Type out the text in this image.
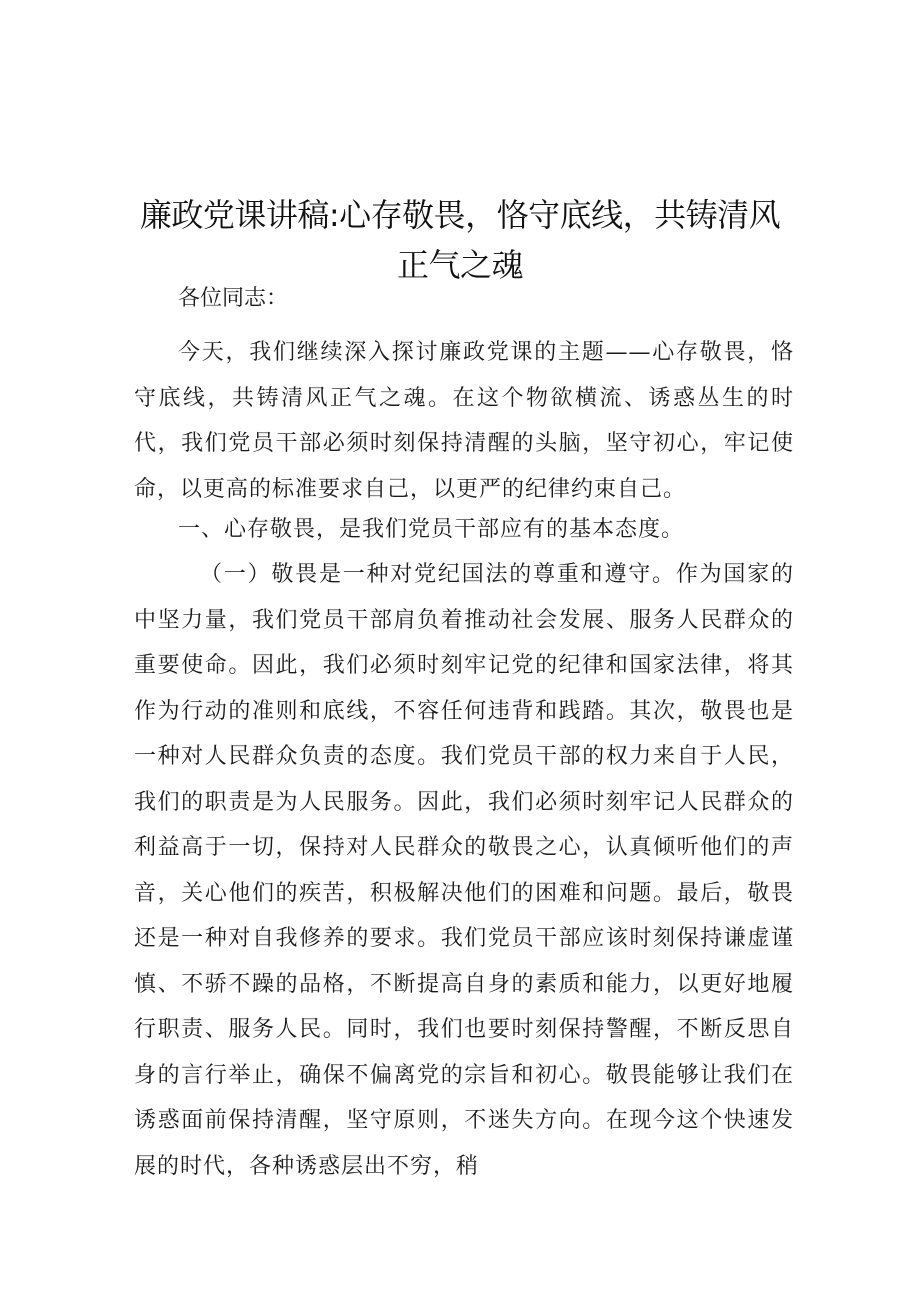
廉政党课讲稿:心存敬畏，恪守底线，共铸清风
正气之魂

各位同志：

今天，我们继续深入探讨廉政党课的主题——心存敬畏，恪守底线，共铸清风正气之魂。在这个物欲横流、诱惑丛生的时代，我们党员干部必须时刻保持清醒的头脑，坚守初心，牢记使命，以更高的标准要求自己，以更严的纪律约束自己。

一、心存敬畏，是我们党员干部应有的基本态度。

（一）敬畏是一种对党纪国法的尊重和遵守。作为国家的中坚力量，我们党员干部肩负着推动社会发展、服务人民群众的重要使命。因此，我们必须时刻牢记党的纪律和国家法律，将其作为行动的准则和底线，不容任何违背和践踏。其次，敬畏也是一种对人民群众负责的态度。我们党员干部的权力来自于人民，我们的职责是为人民服务。因此，我们必须时刻牢记人民群众的利益高于一切，保持对人民群众的敬畏之心，认真倾听他们的声音，关心他们的疾苦，积极解决他们的困难和问题。最后，敬畏还是一种对自我修养的要求。我们党员干部应该时刻保持谦虚谨慎、不骄不躁的品格，不断提高自身的素质和能力，以更好地履行职责、服务人民。同时，我们也要时刻保持警醒，不断反思自身的言行举止，确保不偏离党的宗旨和初心。敬畏能够让我们在诱惑面前保持清醒，坚守原则，不迷失方向。在现今这个快速发展的时代，各种诱惑层出不穷，稍
